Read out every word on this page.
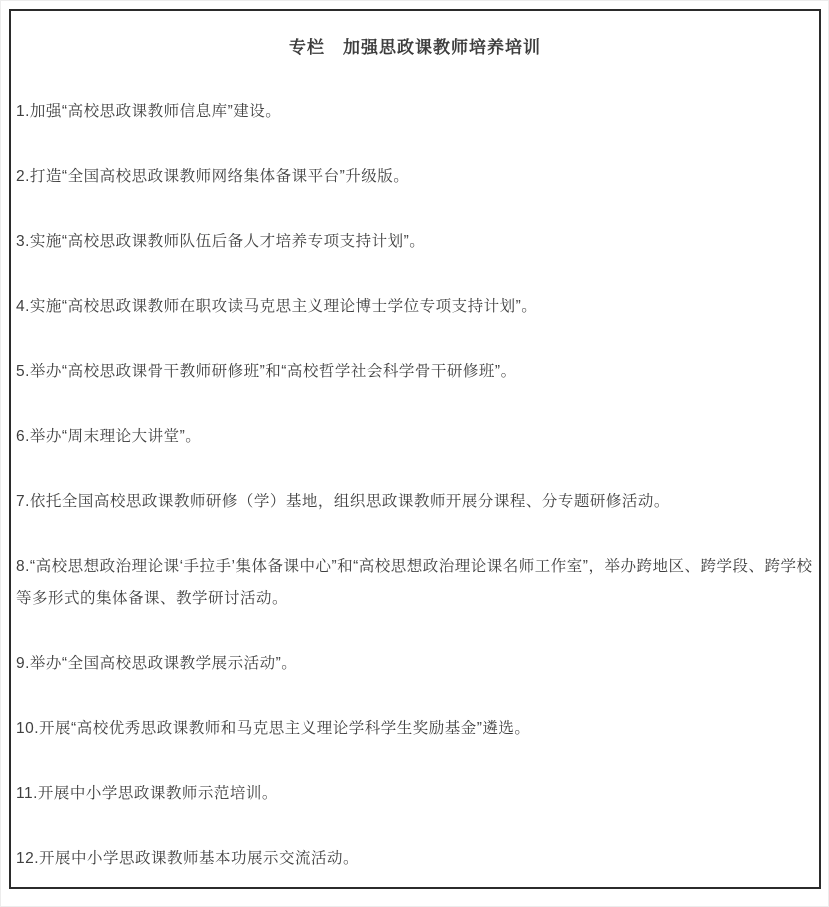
专栏　加强思政课教师培养培训

1.加强“高校思政课教师信息库”建设。

2.打造“全国高校思政课教师网络集体备课平台”升级版。

3.实施“高校思政课教师队伍后备人才培养专项支持计划”。

4.实施“高校思政课教师在职攻读马克思主义理论博士学位专项支持计划”。

5.举办“高校思政课骨干教师研修班”和“高校哲学社会科学骨干研修班”。

6.举办“周末理论大讲堂”。

7.依托全国高校思政课教师研修（学）基地，组织思政课教师开展分课程、分专题研修活动。

8.“高校思想政治理论课‘手拉手’集体备课中心”和“高校思想政治理论课名师工作室”，举办跨地区、跨学段、跨学校等多形式的集体备课、教学研讨活动。

9.举办“全国高校思政课教学展示活动”。

10.开展“高校优秀思政课教师和马克思主义理论学科学生奖励基金”遴选。

11.开展中小学思政课教师示范培训。

12.开展中小学思政课教师基本功展示交流活动。
